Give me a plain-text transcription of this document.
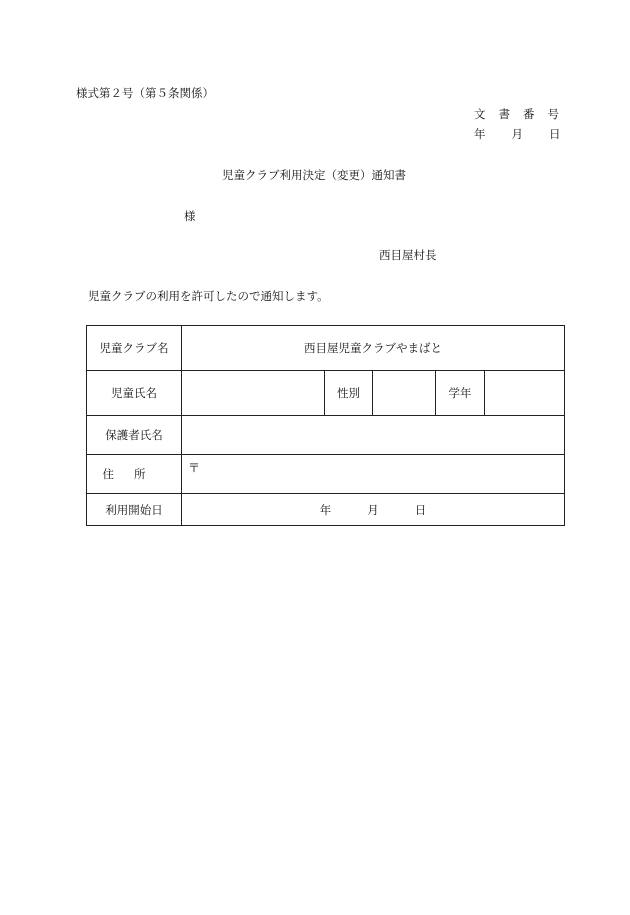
様式第２号（第５条関係）
文書番号
年月日
児童クラブ利用決定（変更）通知書
様
西目屋村長
児童クラブの利用を許可したので通知します。
児童クラブ名	西目屋児童クラブやまばと				
児童氏名		性別		学年	
保護者氏名					
住所	〒				

利用開始日	年 月 日				
